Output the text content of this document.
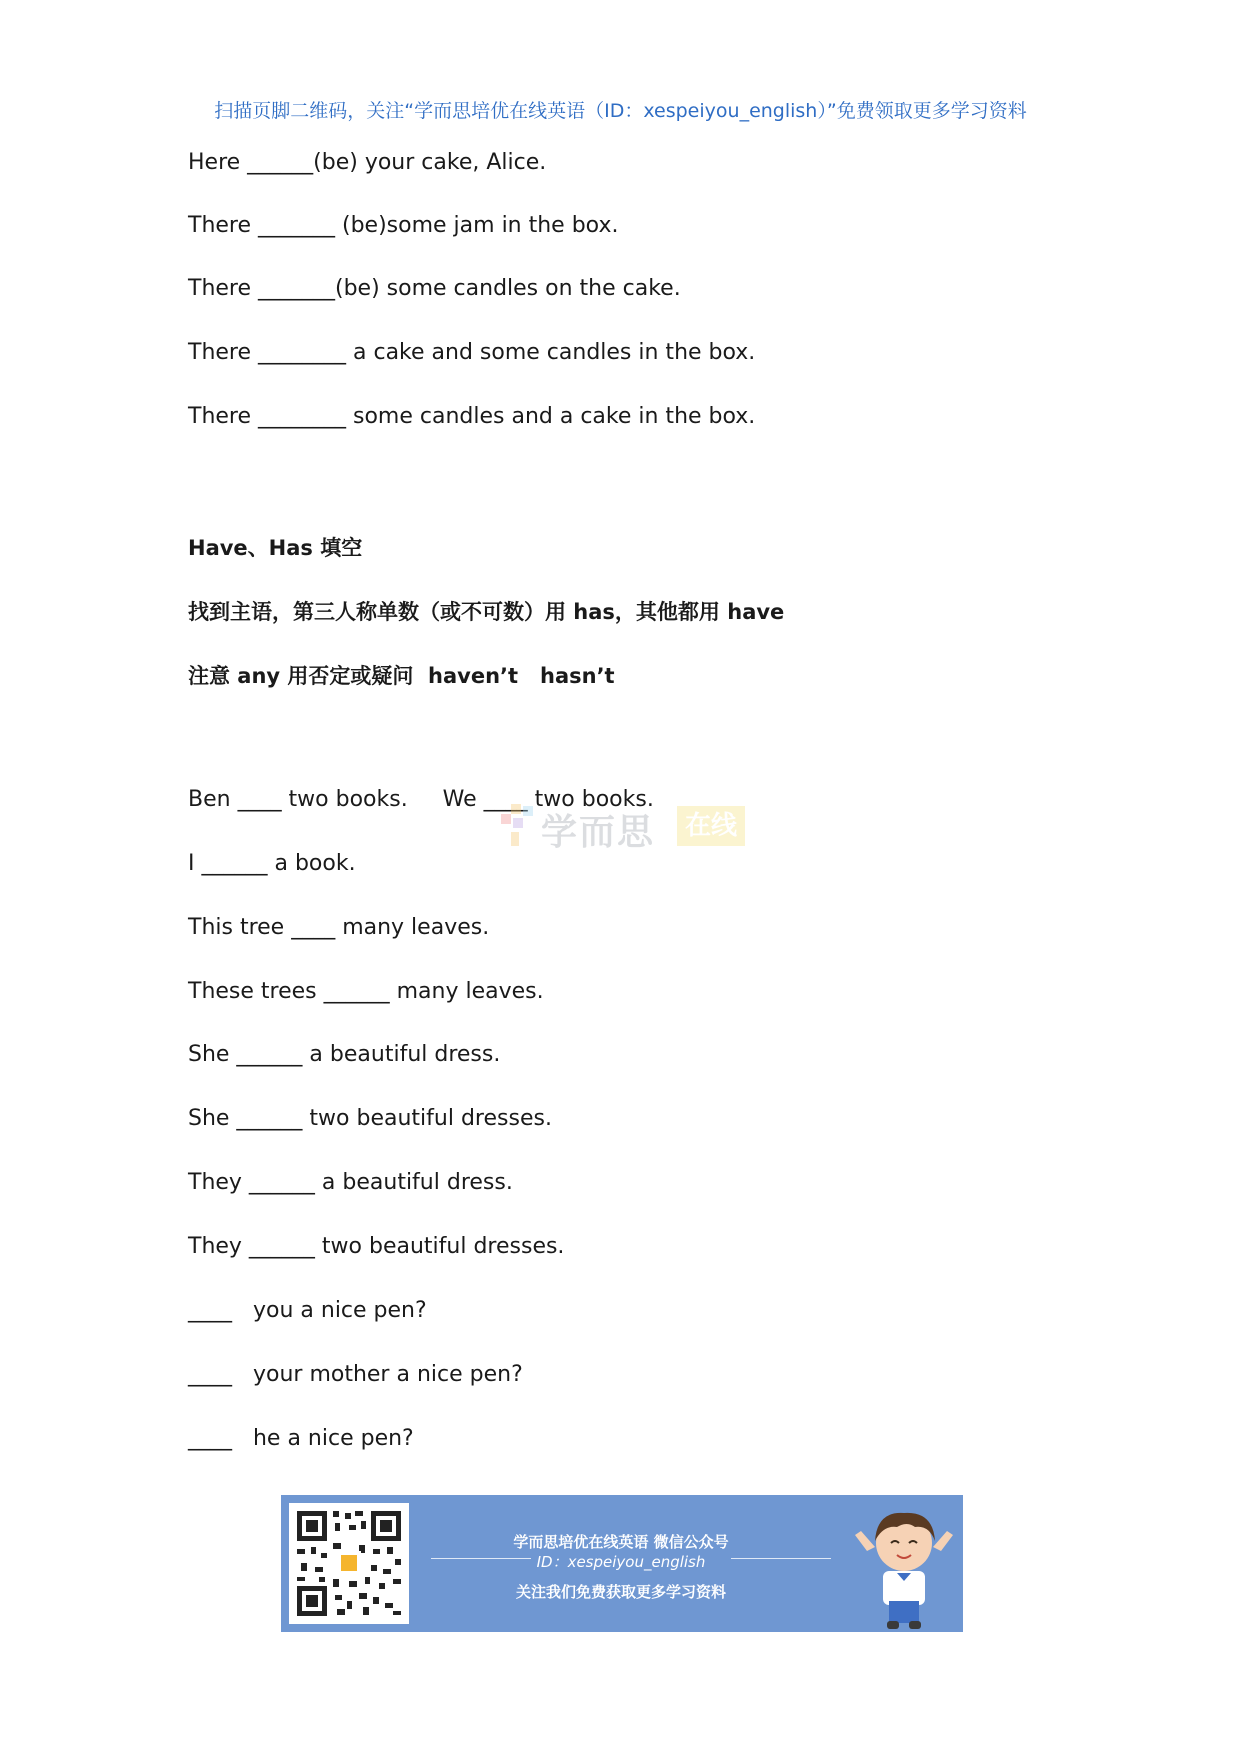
扫描页脚二维码，关注“学而思培优在线英语（ID：xespeiyou_english）”免费领取更多学习资料
Here ______(be) your cake, Alice.
There _______ (be)some jam in the box.
There _______(be) some candles on the cake.
There ________ a cake and some candles in the box.
There ________ some candles and a cake in the box.
Have、Has 填空
找到主语，第三人称单数（或不可数）用 has，其他都用 have
注意 any 用否定或疑问  haven’t   hasn’t
Ben ____ two books.     We ____ two books.
I ______ a book.
This tree ____ many leaves.
These trees ______ many leaves.
She ______ a beautiful dress.
She ______ two beautiful dresses.
They ______ a beautiful dress.
They ______ two beautiful dresses.
____   you a nice pen?
____   your mother a nice pen?
____   he a nice pen?
学而思	在线
学而思培优在线英语 微信公众号
ID：xespeiyou_english
关注我们免费获取更多学习资料
